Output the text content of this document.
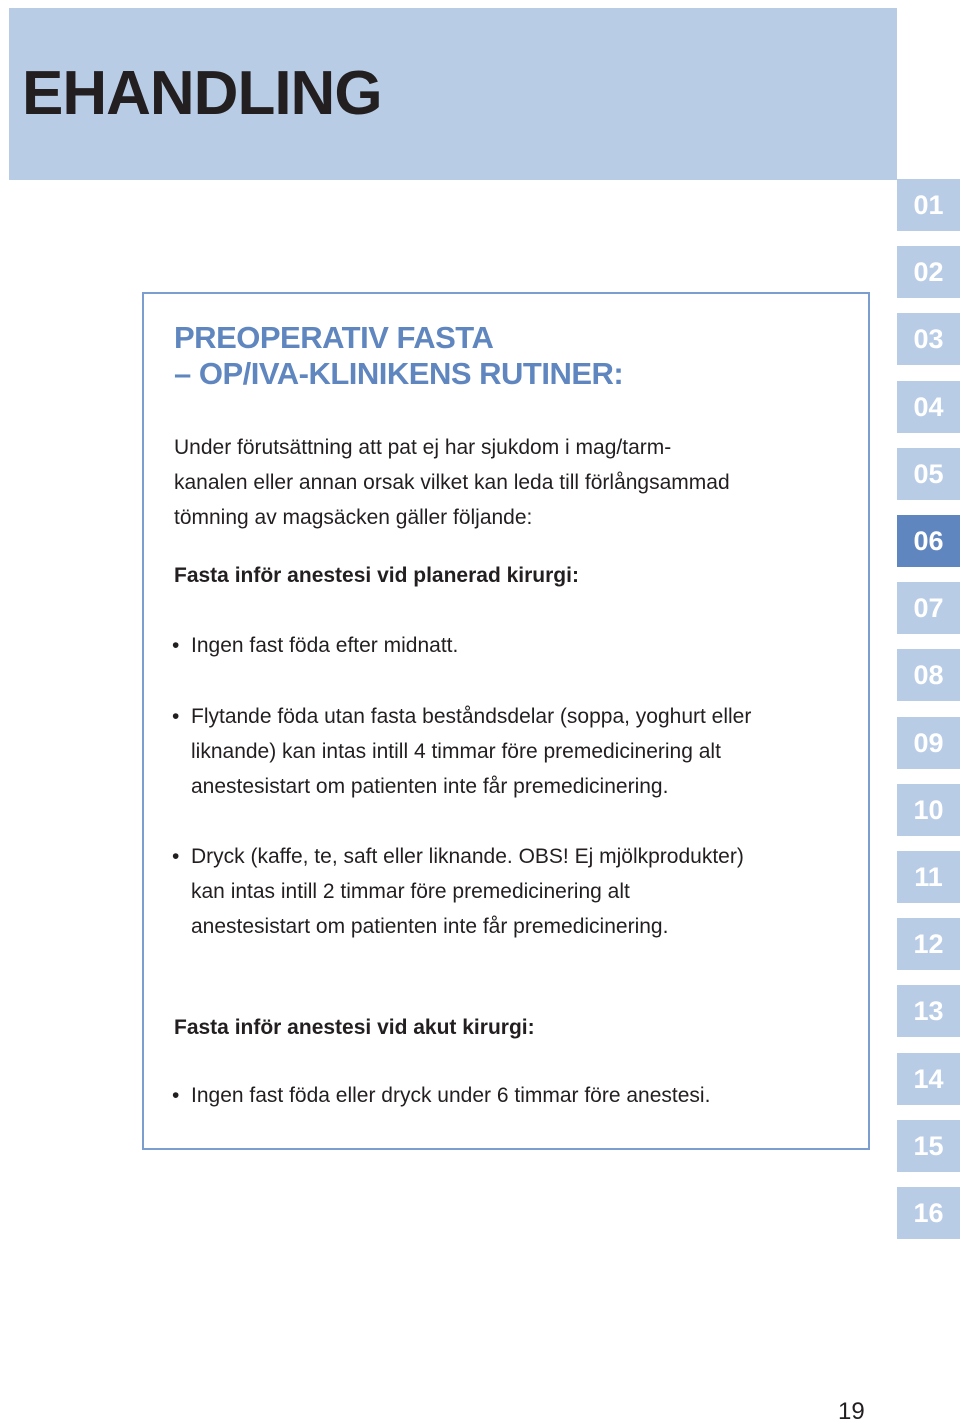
EHANDLING
01
02
03
04
05
06
07
08
09
10
11
12
13
14
15
16
PREOPERATIV FASTA
– OP/IVA-KLINIKENS RUTINER:
Under förutsättning att pat ej har sjukdom i mag/tarm-
kanalen eller annan orsak vilket kan leda till förlångsammad
tömning av magsäcken gäller följande:
Fasta inför anestesi vid planerad kirurgi:
• Ingen fast föda efter midnatt.
• Flytande föda utan fasta beståndsdelar (soppa, yoghurt eller
liknande) kan intas intill 4 timmar före premedicinering alt
anestesistart om patienten inte får premedicinering.
• Dryck (kaffe, te, saft eller liknande. OBS! Ej mjölkprodukter)
kan intas intill 2 timmar före premedicinering alt
anestesistart om patienten inte får premedicinering.
Fasta inför anestesi vid akut kirurgi:
• Ingen fast föda eller dryck under 6 timmar före anestesi.
19
